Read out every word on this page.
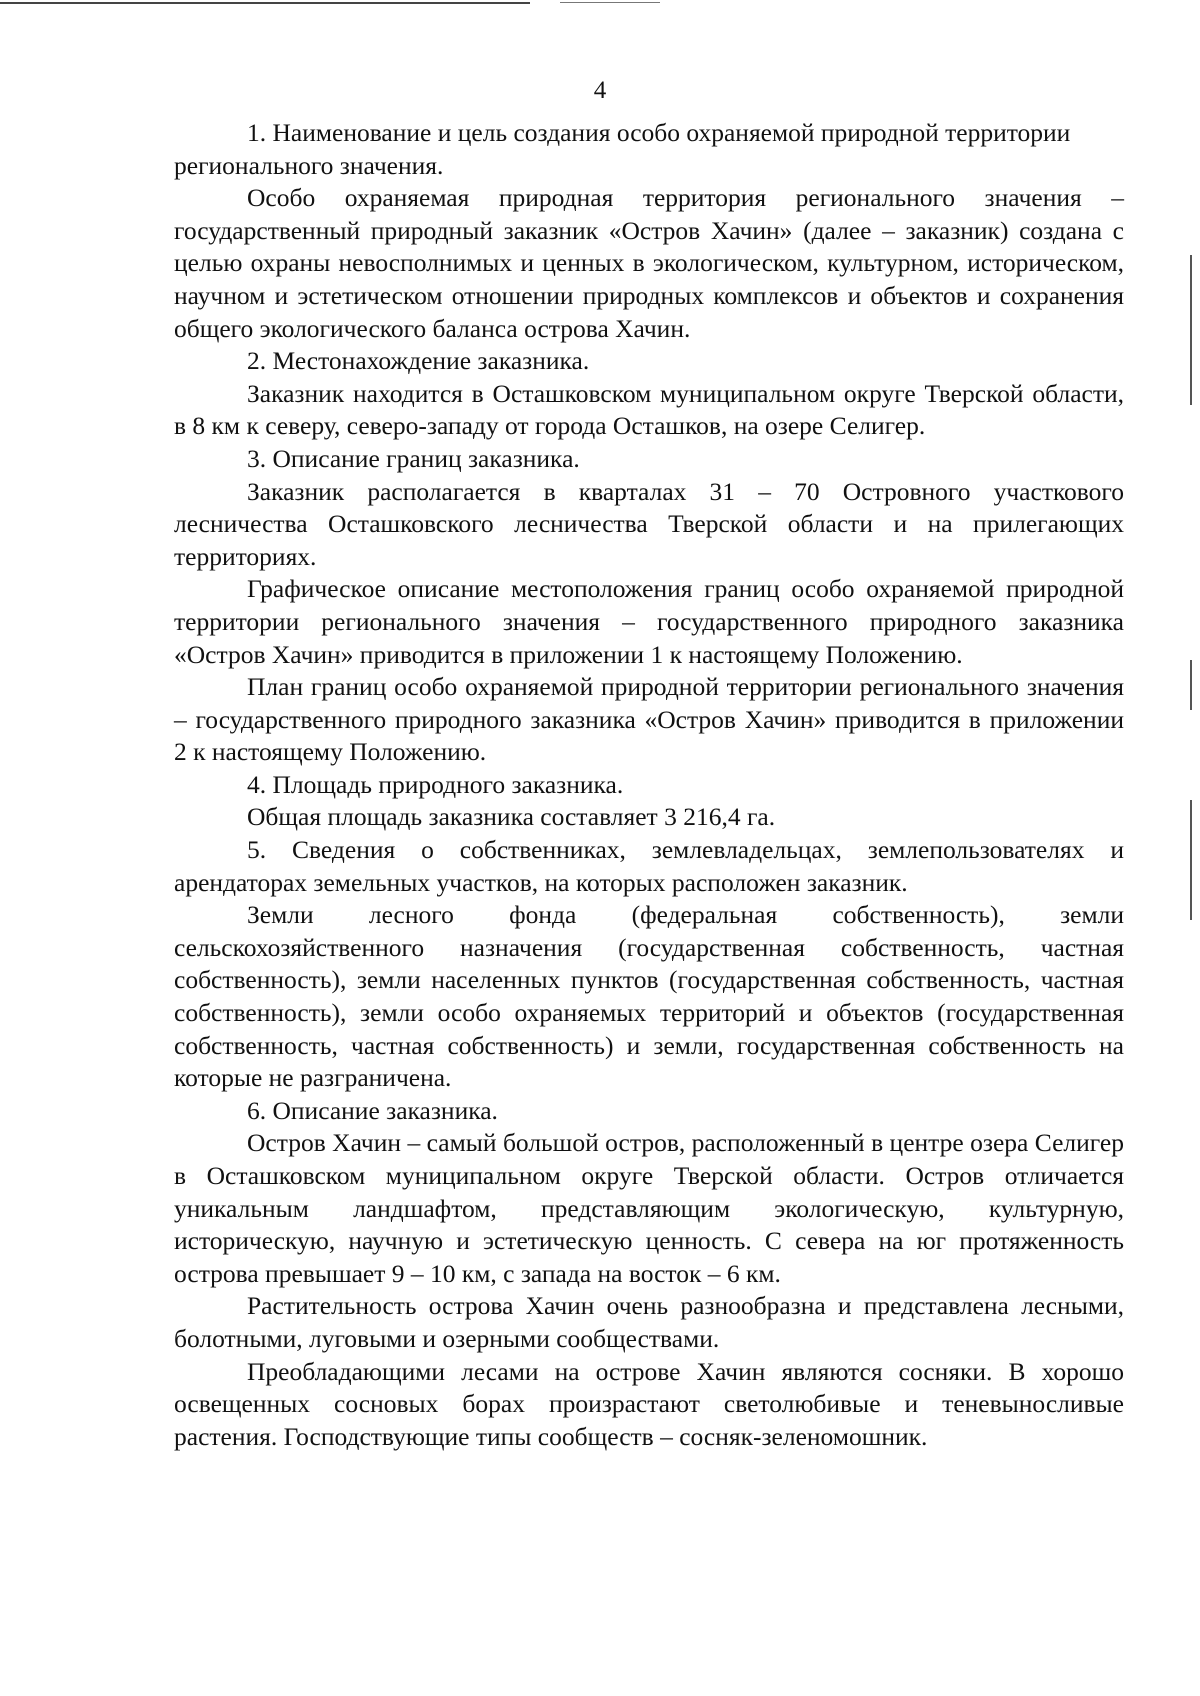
4

1. Наименование и цель создания особо охраняемой природной территории регионального значения.

Особо охраняемая природная территория регионального значения – государственный природный заказник «Остров Хачин» (далее – заказник) создана с целью охраны невосполнимых и ценных в экологическом, культурном, историческом, научном и эстетическом отношении природных комплексов и объектов и сохранения общего экологического баланса острова Хачин.

2. Местонахождение заказника.

Заказник находится в Осташковском муниципальном округе Тверской области, в 8 км к северу, северо-западу от города Осташков, на озере Селигер.

3. Описание границ заказника.

Заказник располагается в кварталах 31 – 70 Островного участкового лесничества Осташковского лесничества Тверской области и на прилегающих территориях.

Графическое описание местоположения границ особо охраняемой природной территории регионального значения – государственного природного заказника «Остров Хачин» приводится в приложении 1 к настоящему Положению.

План границ особо охраняемой природной территории регионального значения – государственного природного заказника «Остров Хачин» приводится в приложении 2 к настоящему Положению.

4. Площадь природного заказника.

Общая площадь заказника составляет 3 216,4 га.

5. Сведения о собственниках, землевладельцах, землепользователях и арендаторах земельных участков, на которых расположен заказник.

Земли лесного фонда (федеральная собственность), земли сельскохозяйственного назначения (государственная собственность, частная собственность), земли населенных пунктов (государственная собственность, частная собственность), земли особо охраняемых территорий и объектов (государственная собственность, частная собственность) и земли, государственная собственность на которые не разграничена.

6. Описание заказника.

Остров Хачин – самый большой остров, расположенный в центре озера Селигер в Осташковском муниципальном округе Тверской области. Остров отличается уникальным ландшафтом, представляющим экологическую, культурную, историческую, научную и эстетическую ценность. С севера на юг протяженность острова превышает 9 – 10 км, с запада на восток – 6 км.

Растительность острова Хачин очень разнообразна и представлена лесными, болотными, луговыми и озерными сообществами.

Преобладающими лесами на острове Хачин являются сосняки. В хорошо освещенных сосновых борах произрастают светолюбивые и теневыносливые растения. Господствующие типы сообществ – сосняк-зеленомошник.
